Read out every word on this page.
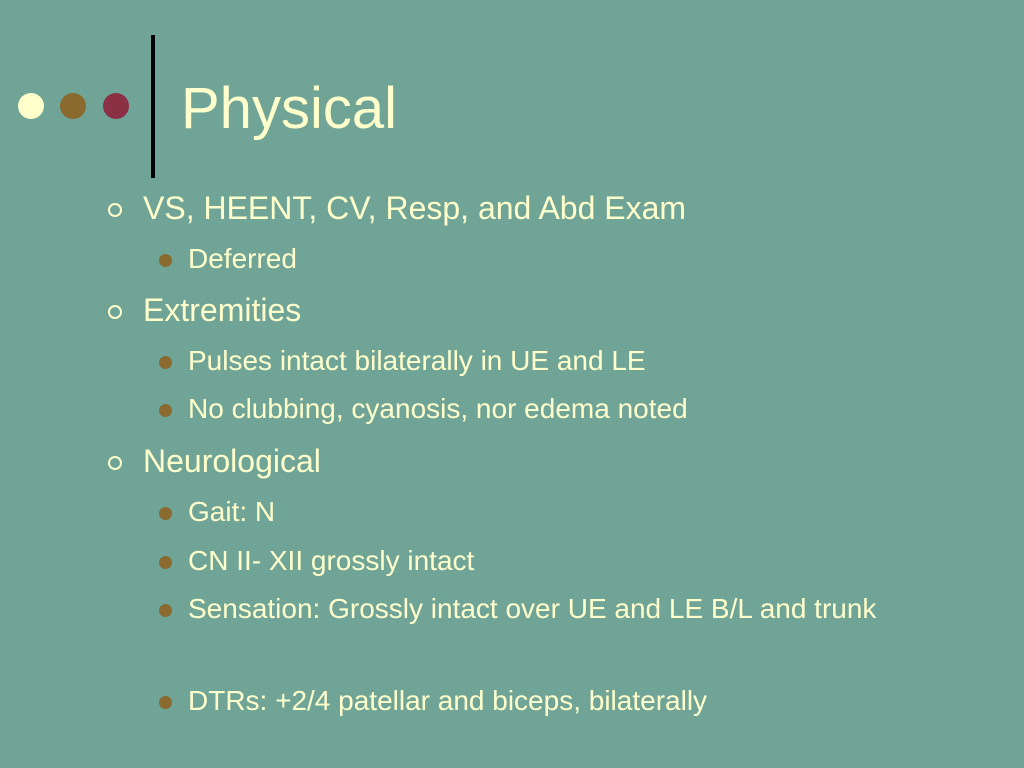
Physical
VS, HEENT, CV, Resp, and Abd Exam
Deferred
Extremities
Pulses intact bilaterally in UE and LE
No clubbing, cyanosis, nor edema noted
Neurological
Gait: N
CN II- XII grossly intact
Sensation: Grossly intact over UE and LE B/L and trunk
DTRs: +2/4 patellar and biceps, bilaterally
